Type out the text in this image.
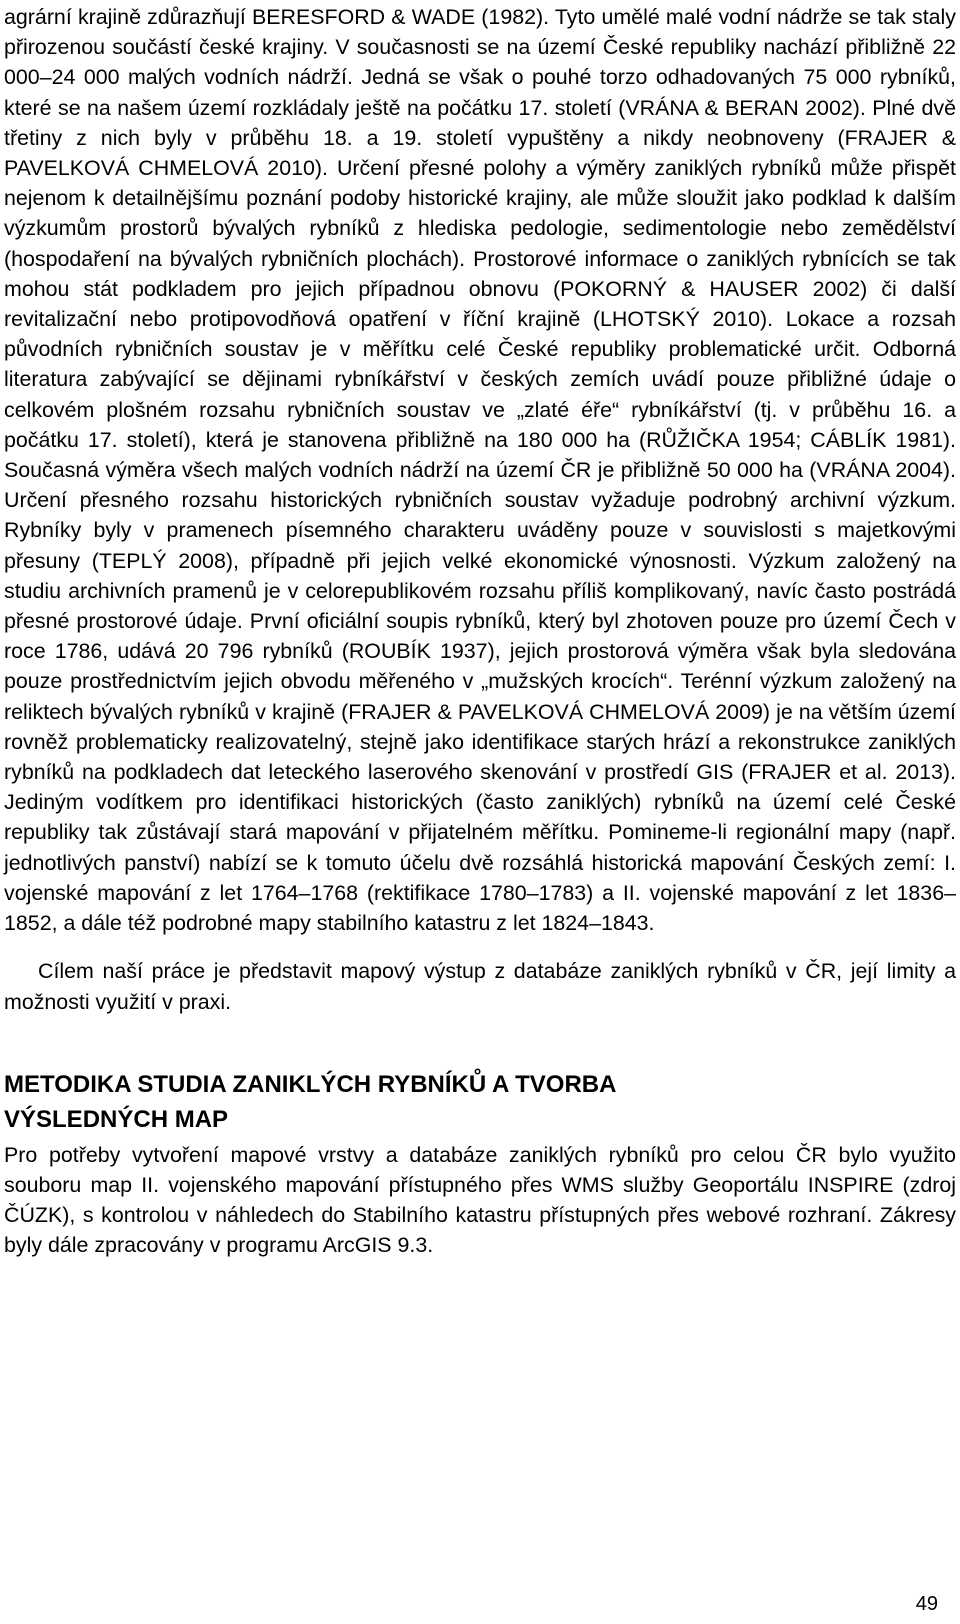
agrární krajině zdůrazňují BERESFORD & WADE (1982). Tyto umělé malé vodní nádrže se tak staly přirozenou součástí české krajiny. V současnosti se na území České republiky nachází přibližně 22 000–24 000 malých vodních nádrží. Jedná se však o pouhé torzo odhadovaných 75 000 rybníků, které se na našem území rozkládaly ještě na počátku 17. století (VRÁNA & BERAN 2002). Plné dvě třetiny z nich byly v průběhu 18. a 19. století vypuštěny a nikdy neobnoveny (FRAJER & PAVELKOVÁ CHMELOVÁ 2010). Určení přesné polohy a výměry zaniklých rybníků může přispět nejenom k detailnějšímu poznání podoby historické krajiny, ale může sloužit jako podklad k dalším výzkumům prostorů bývalých rybníků z hlediska pedologie, sedimentologie nebo zemědělství (hospodaření na bývalých rybničních plochách). Prostorové informace o zaniklých rybnících se tak mohou stát podkladem pro jejich případnou obnovu (POKORNÝ & HAUSER 2002) či další revitalizační nebo protipovodňová opatření v říční krajině (LHOTSKÝ 2010). Lokace a rozsah původních rybničních soustav je v měřítku celé České republiky problematické určit. Odborná literatura zabývající se dějinami rybníkářství v českých zemích uvádí pouze přibližné údaje o celkovém plošném rozsahu rybničních soustav ve „zlaté éře“ rybníkářství (tj. v průběhu 16. a počátku 17. století), která je stanovena přibližně na 180 000 ha (RŮŽIČKA 1954; CÁBLÍK 1981). Současná výměra všech malých vodních nádrží na území ČR je přibližně 50 000 ha (VRÁNA 2004). Určení přesného rozsahu historických rybničních soustav vyžaduje podrobný archivní výzkum. Rybníky byly v pramenech písemného charakteru uváděny pouze v souvislosti s majetkovými přesuny (TEPLÝ 2008), případně při jejich velké ekonomické výnosnosti. Výzkum založený na studiu archivních pramenů je v celorepublikovém rozsahu příliš komplikovaný, navíc často postrádá přesné prostorové údaje. První oficiální soupis rybníků, který byl zhotoven pouze pro území Čech v roce 1786, udává 20 796 rybníků (ROUBÍK 1937), jejich prostorová výměra však byla sledována pouze prostřednictvím jejich obvodu měřeného v „mužských krocích“. Terénní výzkum založený na reliktech bývalých rybníků v krajině (FRAJER & PAVELKOVÁ CHMELOVÁ 2009) je na větším území rovněž problematicky realizovatelný, stejně jako identifikace starých hrází a rekonstrukce zaniklých rybníků na podkladech dat leteckého laserového skenování v prostředí GIS (FRAJER et al. 2013). Jediným vodítkem pro identifikaci historických (často zaniklých) rybníků na území celé České republiky tak zůstávají stará mapování v přijatelném měřítku. Pomineme-li regionální mapy (např. jednotlivých panství) nabízí se k tomuto účelu dvě rozsáhlá historická mapování Českých zemí: I. vojenské mapování z let 1764–1768 (rektifikace 1780–1783) a II. vojenské mapování z let 1836–1852, a dále též podrobné mapy stabilního katastru z let 1824–1843.

Cílem naší práce je představit mapový výstup z databáze zaniklých rybníků v ČR, její limity a možnosti využití v praxi.

METODIKA STUDIA ZANIKLÝCH RYBNÍKŮ A TVORBA VÝSLEDNÝCH MAP

Pro potřeby vytvoření mapové vrstvy a databáze zaniklých rybníků pro celou ČR bylo využito souboru map II. vojenského mapování přístupného přes WMS služby Geoportálu INSPIRE (zdroj ČÚZK), s kontrolou v náhledech do Stabilního katastru přístupných přes webové rozhraní. Zákresy byly dále zpracovány v programu ArcGIS 9.3.

49
